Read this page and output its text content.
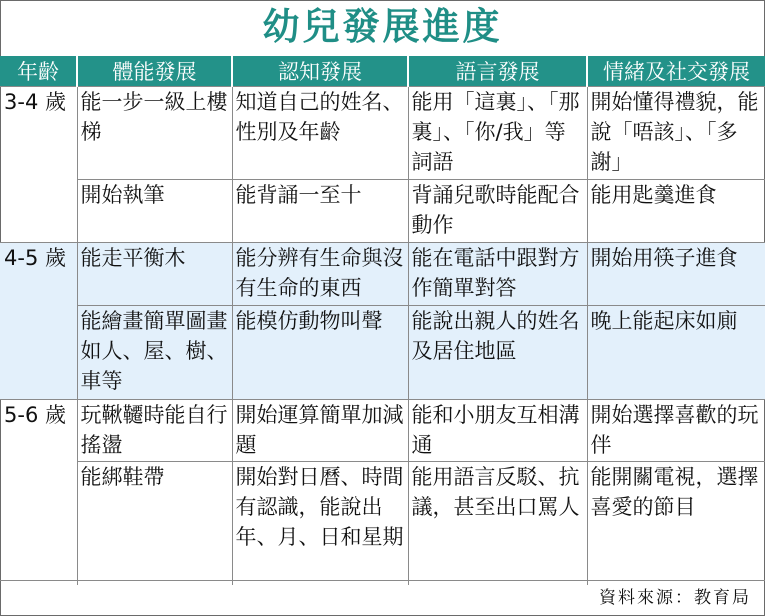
幼兒發展進度
年齡	體能發展	認知發展	語言發展	情緒及社交發展
3-4 歲	能一步一級上樓梯	知道自己的姓名、性別及年齡	能用「這裏」、「那裏」、「你/我」等詞語	開始懂得禮貌，能說「唔該」、「多謝」
	開始執筆	能背誦一至十	背誦兒歌時能配合動作	能用匙羹進食
4-5 歲	能走平衡木	能分辨有生命與沒有生命的東西	能在電話中跟對方作簡單對答	開始用筷子進食
	能繪畫簡單圖畫如人、屋、樹、車等	能模仿動物叫聲	能說出親人的姓名及居住地區	晚上能起床如廁
5-6 歲	玩鞦韆時能自行搖盪	開始運算簡單加減題	能和小朋友互相溝通	開始選擇喜歡的玩伴
	能綁鞋帶	開始對日曆、時間有認識，能說出年、月、日和星期	能用語言反駁、抗議，甚至出口罵人	能開關電視，選擇喜愛的節目
資料來源：教育局
